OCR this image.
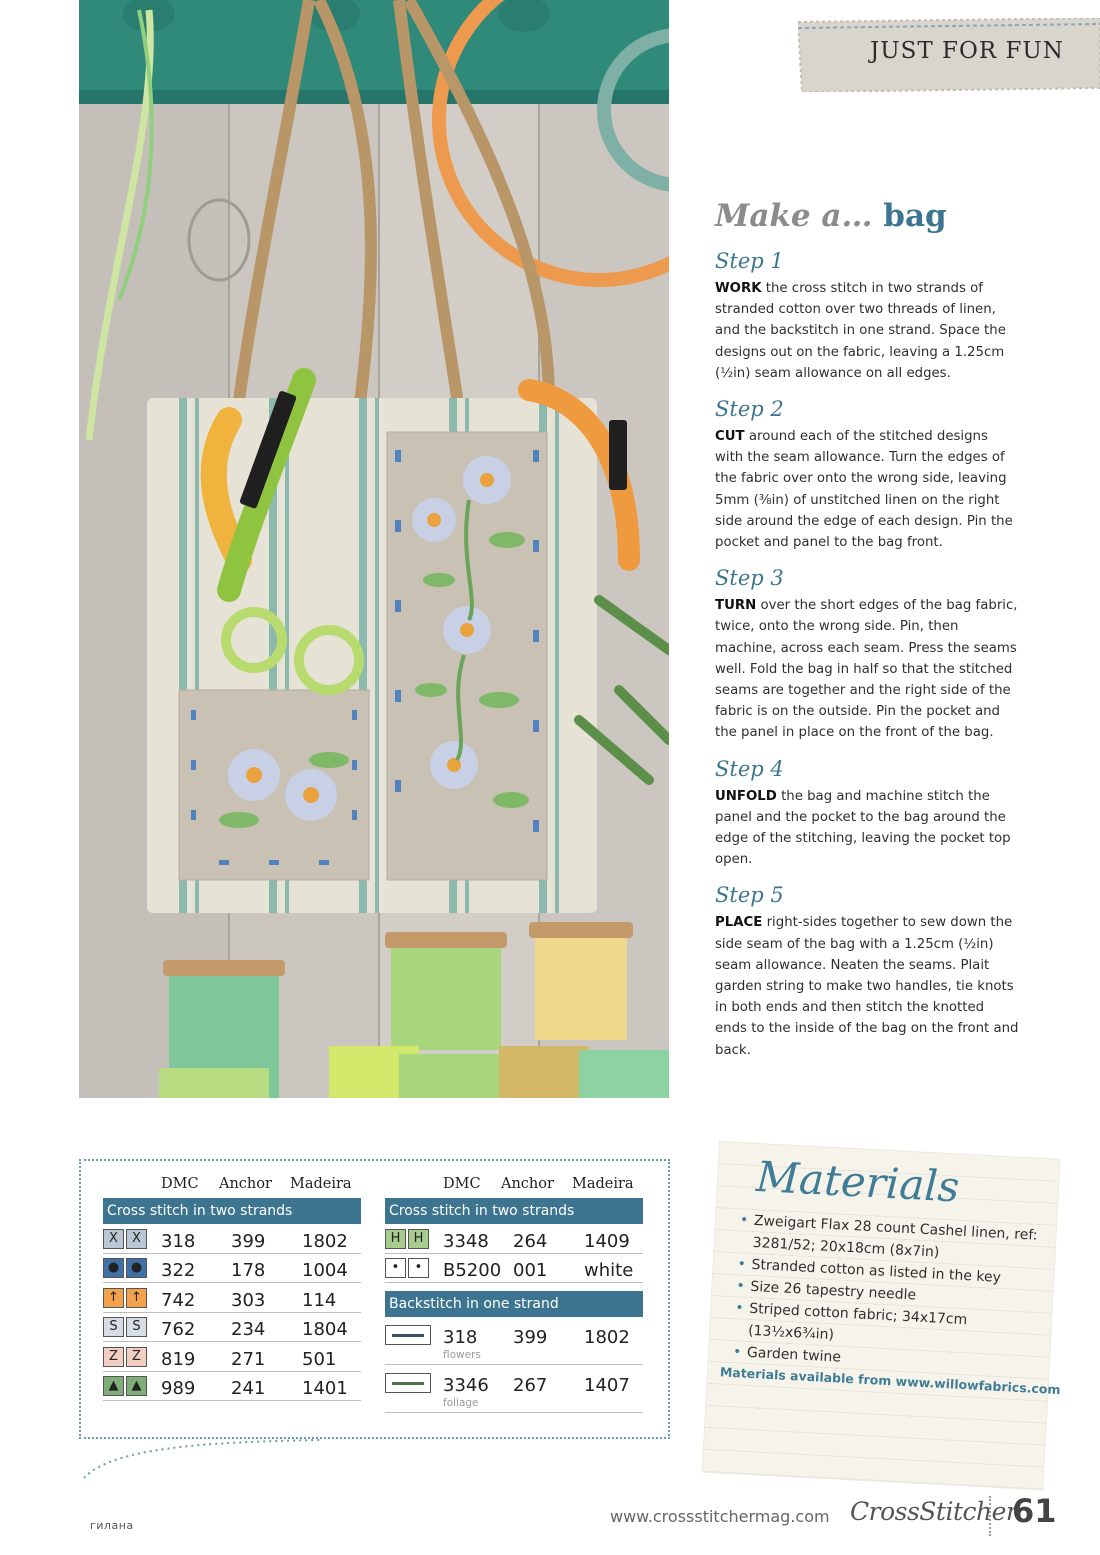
JUST FOR FUN
Make a… bag
Step 1

WORK the cross stitch in two strands of stranded cotton over two threads of linen, and the backstitch in one strand. Space the designs out on the fabric, leaving a 1.25cm (½in) seam allowance on all edges.

Step 2

CUT around each of the stitched designs with the seam allowance. Turn the edges of the fabric over onto the wrong side, leaving 5mm (⅜in) of unstitched linen on the right side around the edge of each design. Pin the pocket and panel to the bag front.

Step 3

TURN over the short edges of the bag fabric, twice, onto the wrong side. Pin, then machine, across each seam. Press the seams well. Fold the bag in half so that the stitched seams are together and the right side of the fabric is on the outside. Pin the pocket and the panel in place on the front of the bag.

Step 4

UNFOLD the bag and machine stitch the panel and the pocket to the bag around the edge of the stitching, leaving the pocket top open.

Step 5

PLACE right-sides together to sew down the side seam of the bag with a 1.25cm (½in) seam allowance. Neaten the seams. Plait garden string to make two handles, tie knots in both ends and then stitch the knotted ends to the inside of the bag on the front and back.

DMC Anchor Madeira
Cross stitch in two strands
X	X	318 399 1802
● ● 322 178 1004
↑ ↑ 742 303 114
S	S	762 234 1804
Z	Z	819 271 501
▲	▲	989 241 1401
DMC Anchor Madeira
Cross stitch in two strands
H	H	3348 264 1409
•	•	B5200 001 white
Backstitch in one strand
318 399 1802
flowers
3346 267 1407
foliage
Materials
• Zweigart Flax 28 count Cashel linen, ref: 3281/52; 20x18cm (8x7in)
• Stranded cotton as listed in the key
• Size 26 tapestry needle
• Striped cotton fabric; 34x17cm (13½x6¾in)
• Garden twine
Materials available from www.willowfabrics.com
гилана	www.crossstitchermag.com CrossStitcher
61
